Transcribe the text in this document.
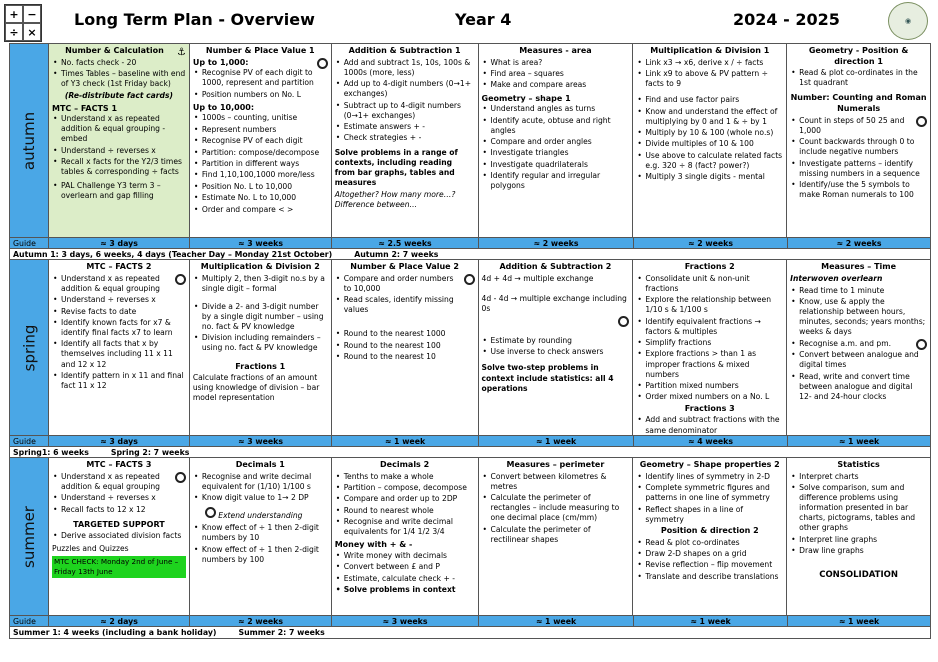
+ −
÷ ×
Long Term Plan - Overview	Year 4	2024 - 2025	◉
autumn
Number & Calculation ⚓
• No. facts check - 20
• Times Tables – baseline with end of Y3 check (1st Friday back)

(Re-distribute fact cards)

MTC – FACTS 1
• Understand x as repeated addition & equal grouping - embed
• Understand ÷ reverses x
• Recall x facts for the Y2/3 times tables & corresponding ÷ facts
• PAL Challenge Y3 term 3 – overlearn and gap filling
Number & Place Value 1
Up to 1,000:
• Recognise PV of each digit to 1000, represent and partition
• Position numbers on No. L
Up to 10,000:
• 1000s – counting, unitise
• Represent numbers
• Recognise PV of each digit
• Partition: compose/decompose
• Partition in different ways
• Find 1,10,100,1000 more/less
• Position No. L to 10,000
• Estimate No. L to 10,000
• Order and compare < >
Addition & Subtraction 1
• Add and subtract 1s, 10s, 100s & 1000s (more, less)
• Add up to 4-digit numbers (0→1+ exchanges)
• Subtract up to 4-digit numbers (0→1+ exchanges)
• Estimate answers + -
• Check strategies + -

Solve problems in a range of contexts, including reading from bar graphs, tables and measures

Altogether? How many more…? Difference between…

Measures - area
• What is area?
• Find area – squares
• Make and compare areas
Geometry – shape 1
• Understand angles as turns
• Identify acute, obtuse and right angles
• Compare and order angles
• Investigate triangles
• Investigate quadrilaterals
• Identify regular and irregular polygons
Multiplication & Division 1
• Link x3 → x6, derive x / ÷ facts
• Link x9 to above & PV pattern ÷ facts to 9
• Find and use factor pairs
• Know and understand the effect of multiplying by 0 and 1 & ÷ by 1
• Multiply by 10 & 100 (whole no.s)
• Divide multiples of 10 & 100
• Use above to calculate related facts e.g. 320 ÷ 8 (fact? power?)
• Multiply 3 single digits - mental
Geometry - Position & direction 1
• Read & plot co-ordinates in the 1st quadrant
Number: Counting and Roman Numerals
• Count in steps of 50 25 and 1,000
• Count backwards through 0 to include negative numbers
• Investigate patterns – identify missing numbers in a sequence
• Identify/use the 5 symbols to make Roman numerals to 100
Guide	≈ 3 days	≈ 3 weeks	≈ 2.5 weeks	≈ 2 weeks	≈ 2 weeks	≈ 2 weeks
Autumn 1: 3 days, 6 weeks, 4 days (Teacher Day – Monday 21st October)	Autumn 2: 7 weeks
spring
MTC – FACTS 2
• Understand x as repeated addition & equal grouping
• Understand ÷ reverses x
• Revise facts to date
• Identify known facts for x7 & identify final facts x7 to learn
• Identify all facts that x by themselves including 11 x 11 and 12 x 12
• Identify pattern in x 11 and final fact 11 x 12
Multiplication & Division 2
• Multiply 2, then 3-digit no.s by a single digit – formal
• Divide a 2- and 3-digit number by a single digit number – using no. fact & PV knowledge
• Division including remainders – using no. fact & PV knowledge
Fractions 1

Calculate fractions of an amount using knowledge of division – bar model representation

Number & Place Value 2
• Compare and order numbers to 10,000
• Read scales, identify missing values
• Round to the nearest 1000
• Round to the nearest 100
• Round to the nearest 10
Addition & Subtraction 2

4d + 4d → multiple exchange

4d - 4d → multiple exchange including 0s

• Estimate by rounding
• Use inverse to check answers

Solve two-step problems in context include statistics: all 4 operations

Fractions 2
• Consolidate unit & non-unit fractions
• Explore the relationship between 1/10 s & 1/100 s
• Identify equivalent fractions → factors & multiples
• Simplify fractions
• Explore fractions > than 1 as improper fractions & mixed numbers
• Partition mixed numbers
• Order mixed numbers on a No. L
Fractions 3
• Add and subtract fractions with the same denominator
Measures – Time

Interwoven overlearn

• Read time to 1 minute
• Know, use & apply the relationship between hours, minutes, seconds; years months; weeks & days
• Recognise a.m. and pm.
• Convert between analogue and digital times
• Read, write and convert time between analogue and digital 12- and 24-hour clocks
Guide	≈ 3 days	≈ 3 weeks	≈ 1 week	≈ 1 week	≈ 4 weeks	≈ 1 week
Spring1: 6 weeks	Spring 2: 7 weeks
summer
MTC – FACTS 3
• Understand x as repeated addition & equal grouping
• Understand ÷ reverses x
• Recall facts to 12 x 12
TARGETED SUPPORT
• Derive associated division facts

Puzzles and Quizzes

MTC CHECK: Monday 2nd of June – Friday 13th June
Decimals 1
• Recognise and write decimal equivalent for (1/10) 1/100 s
• Know digit value to 1→ 2 DP

Extend understanding

• Know effect of ÷ 1 then 2-digit numbers by 10
• Know effect of ÷ 1 then 2-digit numbers by 100
Decimals 2
• Tenths to make a whole
• Partition – compose, decompose
• Compare and order up to 2DP
• Round to nearest whole
• Recognise and write decimal equivalents for 1/4 1/2 3/4
Money with + & -
• Write money with decimals
• Convert between £ and P
• Estimate, calculate check + -
• Solve problems in context
Measures – perimeter
• Convert between kilometres & metres
• Calculate the perimeter of rectangles – include measuring to one decimal place (cm/mm)
• Calculate the perimeter of rectilinear shapes
Geometry – Shape properties 2
• Identify lines of symmetry in 2-D
• Complete symmetric figures and patterns in one line of symmetry
• Reflect shapes in a line of symmetry
Position & direction 2
• Read & plot co-ordinates
• Draw 2-D shapes on a grid
• Revise reflection – flip movement
• Translate and describe translations
Statistics
• Interpret charts
• Solve comparison, sum and difference problems using information presented in bar charts, pictograms, tables and other graphs
• Interpret line graphs
• Draw line graphs

CONSOLIDATION

Guide	≈ 2 days	≈ 2 weeks	≈ 3 weeks	≈ 1 week	≈ 1 week	≈ 1 week
Summer 1: 4 weeks (including a bank holiday)	Summer 2: 7 weeks
